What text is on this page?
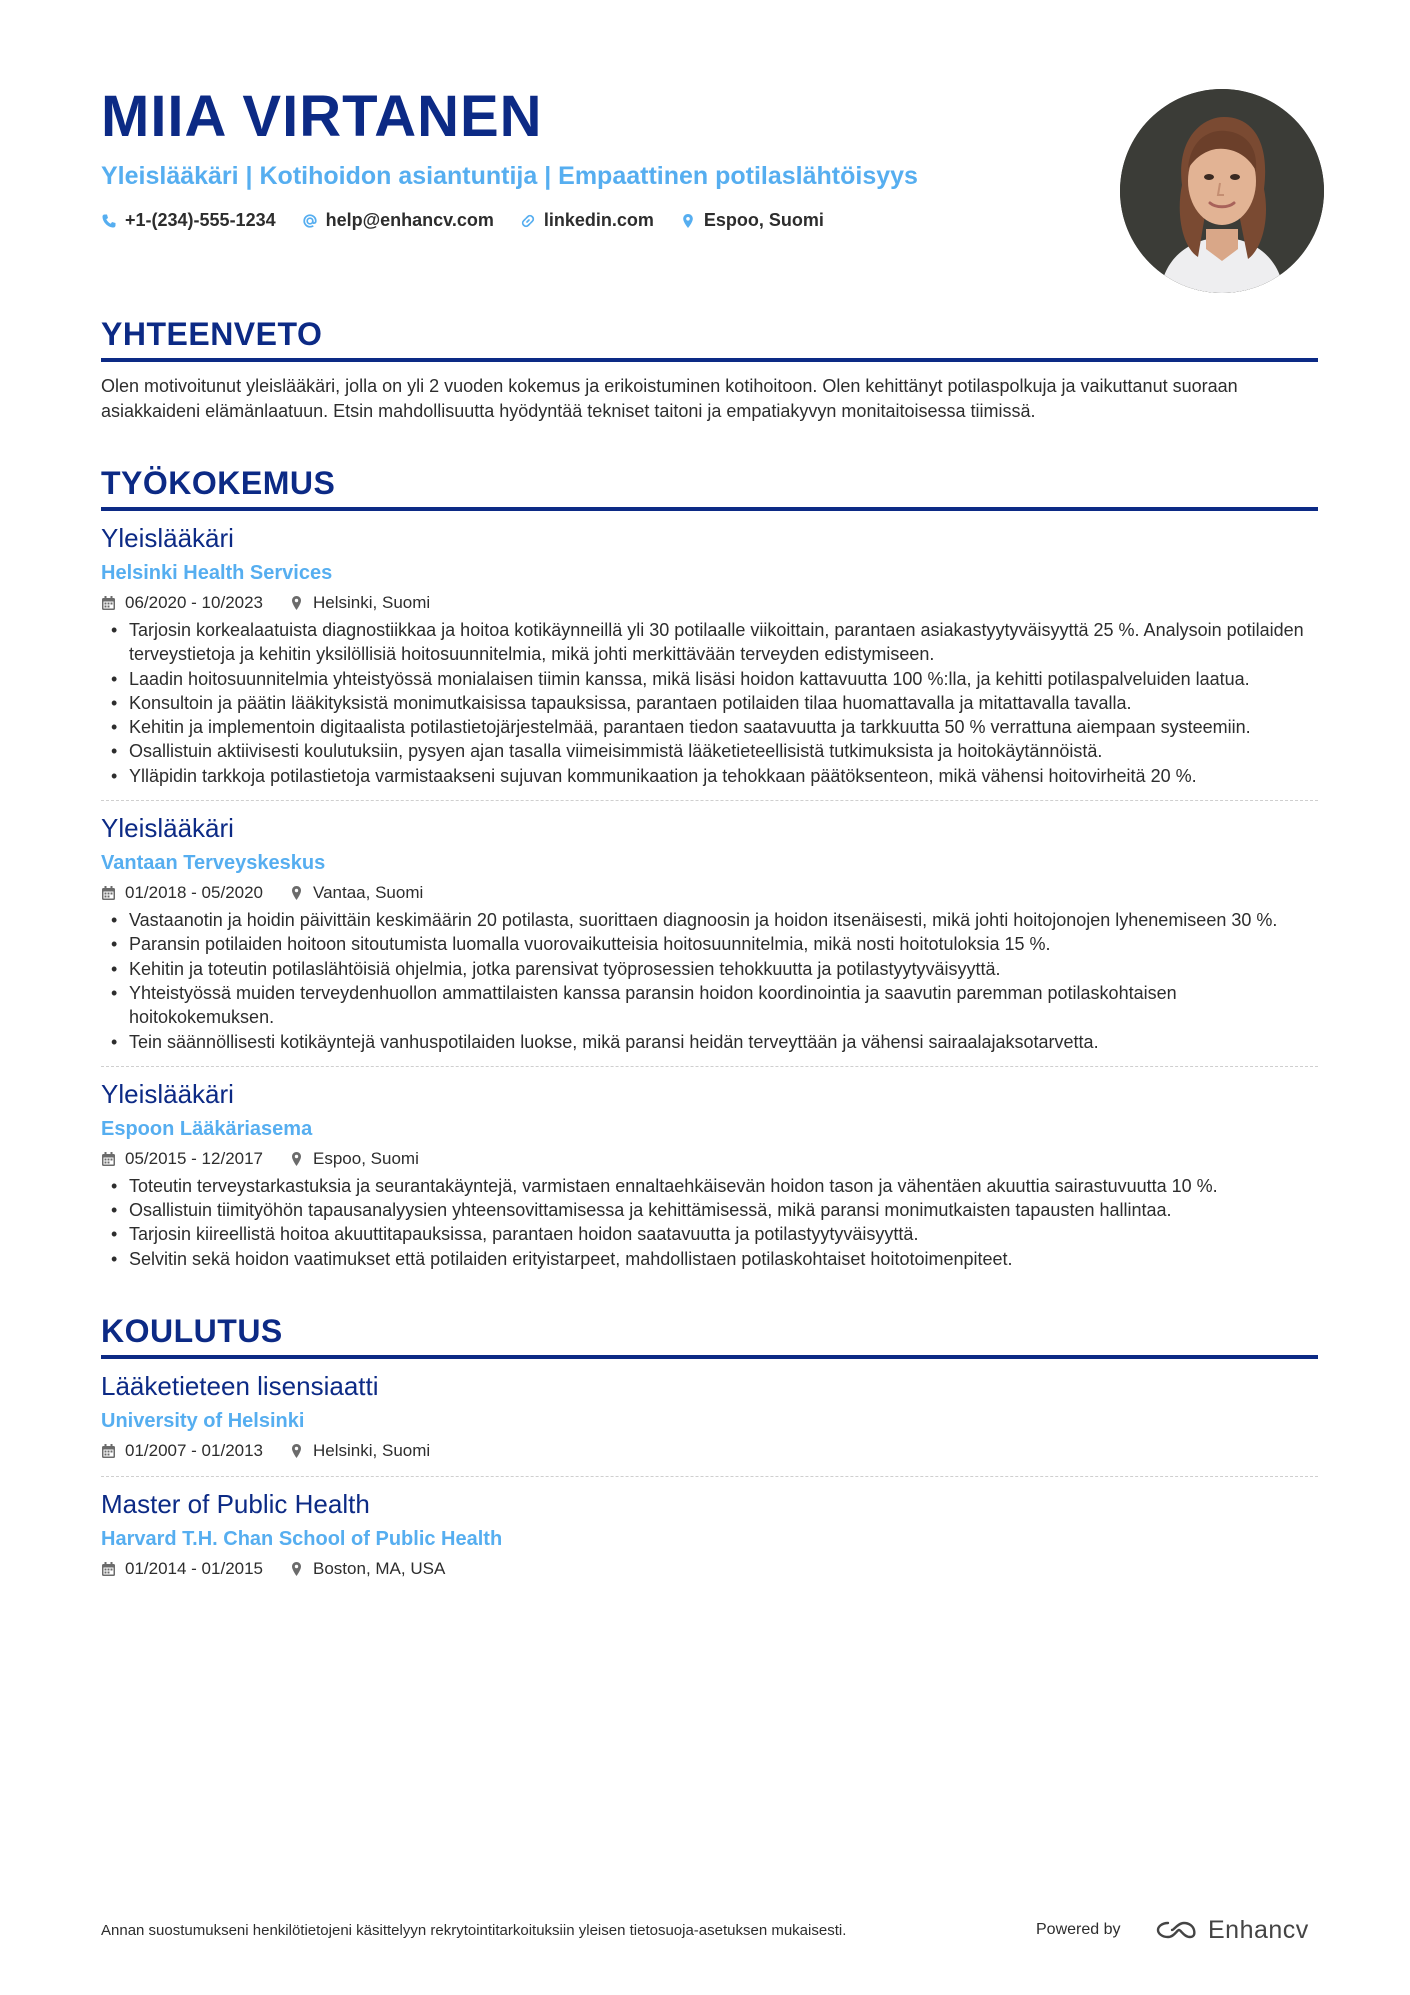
MIIA VIRTANEN
Yleislääkäri | Kotihoidon asiantuntija | Empaattinen potilaslähtöisyys
+1-(234)-555-1234	help@enhancv.com	linkedin.com	Espoo, Suomi
YHTEENVETO
Olen motivoitunut yleislääkäri, jolla on yli 2 vuoden kokemus ja erikoistuminen kotihoitoon. Olen kehittänyt potilaspolkuja ja vaikuttanut suoraan asiakkaideni elämänlaatuun. Etsin mahdollisuutta hyödyntää tekniset taitoni ja empatiakyvyn monitaitoisessa tiimissä.
TYÖKOKEMUS
Yleislääkäri
Helsinki Health Services
06/2020 - 10/2023	Helsinki, Suomi
• Tarjosin korkealaatuista diagnostiikkaa ja hoitoa kotikäynneillä yli 30 potilaalle viikoittain, parantaen asiakastyytyväisyyttä 25 %. Analysoin potilaiden terveystietoja ja kehitin yksilöllisiä hoitosuunnitelmia, mikä johti merkittävään terveyden edistymiseen.
• Laadin hoitosuunnitelmia yhteistyössä monialaisen tiimin kanssa, mikä lisäsi hoidon kattavuutta 100 %:lla, ja kehitti potilaspalveluiden laatua.
• Konsultoin ja päätin lääkityksistä monimutkaisissa tapauksissa, parantaen potilaiden tilaa huomattavalla ja mitattavalla tavalla.
• Kehitin ja implementoin digitaalista potilastietojärjestelmää, parantaen tiedon saatavuutta ja tarkkuutta 50 % verrattuna aiempaan systeemiin.
• Osallistuin aktiivisesti koulutuksiin, pysyen ajan tasalla viimeisimmistä lääketieteellisistä tutkimuksista ja hoitokäytännöistä.
• Ylläpidin tarkkoja potilastietoja varmistaakseni sujuvan kommunikaation ja tehokkaan päätöksenteon, mikä vähensi hoitovirheitä 20 %.
Yleislääkäri
Vantaan Terveyskeskus
01/2018 - 05/2020	Vantaa, Suomi
• Vastaanotin ja hoidin päivittäin keskimäärin 20 potilasta, suorittaen diagnoosin ja hoidon itsenäisesti, mikä johti hoitojonojen lyhenemiseen 30 %.
• Paransin potilaiden hoitoon sitoutumista luomalla vuorovaikutteisia hoitosuunnitelmia, mikä nosti hoitotuloksia 15 %.
• Kehitin ja toteutin potilaslähtöisiä ohjelmia, jotka parensivat työprosessien tehokkuutta ja potilastyytyväisyyttä.
• Yhteistyössä muiden terveydenhuollon ammattilaisten kanssa paransin hoidon koordinointia ja saavutin paremman potilaskohtaisen hoitokokemuksen.
• Tein säännöllisesti kotikäyntejä vanhuspotilaiden luokse, mikä paransi heidän terveyttään ja vähensi sairaalajaksotarvetta.
Yleislääkäri
Espoon Lääkäriasema
05/2015 - 12/2017	Espoo, Suomi
• Toteutin terveystarkastuksia ja seurantakäyntejä, varmistaen ennaltaehkäisevän hoidon tason ja vähentäen akuuttia sairastuvuutta 10 %.
• Osallistuin tiimityöhön tapausanalyysien yhteensovittamisessa ja kehittämisessä, mikä paransi monimutkaisten tapausten hallintaa.
• Tarjosin kiireellistä hoitoa akuuttitapauksissa, parantaen hoidon saatavuutta ja potilastyytyväisyyttä.
• Selvitin sekä hoidon vaatimukset että potilaiden erityistarpeet, mahdollistaen potilaskohtaiset hoitotoimenpiteet.
KOULUTUS
Lääketieteen lisensiaatti
University of Helsinki
01/2007 - 01/2013	Helsinki, Suomi
Master of Public Health
Harvard T.H. Chan School of Public Health
01/2014 - 01/2015	Boston, MA, USA
Annan suostumukseni henkilötietojeni käsittelyyn rekrytointitarkoituksiin yleisen tietosuoja-asetuksen mukaisesti.	Powered by	Enhancv
